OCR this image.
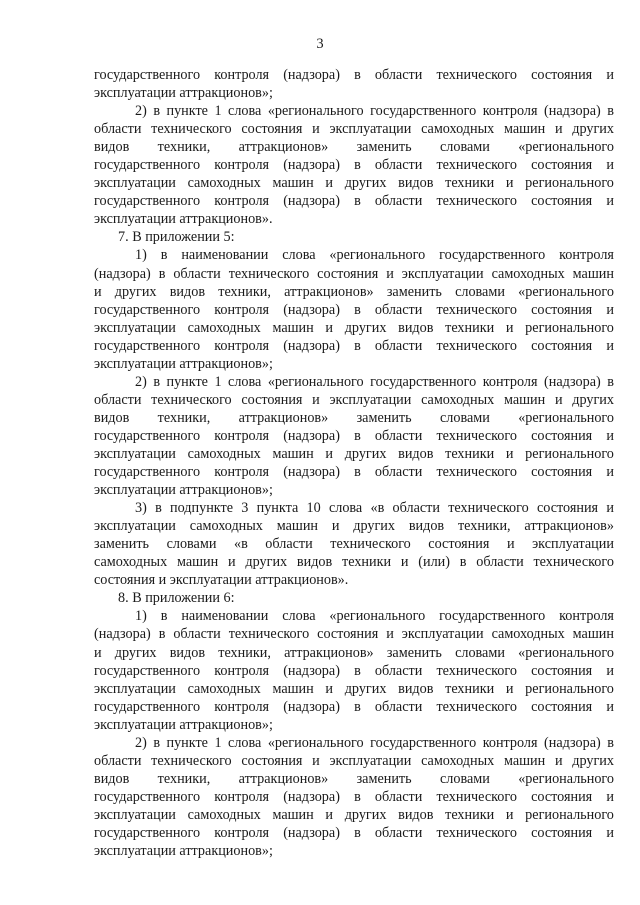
3
государственного контроля (надзора) в области технического состояния и
эксплуатации аттракционов»;
2) в пункте 1 слова «регионального государственного контроля (надзора) в
области технического состояния и эксплуатации самоходных машин и других
видов техники, аттракционов» заменить словами «регионального
государственного контроля (надзора) в области технического состояния и
эксплуатации самоходных машин и других видов техники и регионального
государственного контроля (надзора) в области технического состояния и
эксплуатации аттракционов».
7. В приложении 5:
1) в наименовании слова «регионального государственного контроля
(надзора) в области технического состояния и эксплуатации самоходных машин
и других видов техники, аттракционов» заменить словами «регионального
государственного контроля (надзора) в области технического состояния и
эксплуатации самоходных машин и других видов техники и регионального
государственного контроля (надзора) в области технического состояния и
эксплуатации аттракционов»;
2) в пункте 1 слова «регионального государственного контроля (надзора) в
области технического состояния и эксплуатации самоходных машин и других
видов техники, аттракционов» заменить словами «регионального
государственного контроля (надзора) в области технического состояния и
эксплуатации самоходных машин и других видов техники и регионального
государственного контроля (надзора) в области технического состояния и
эксплуатации аттракционов»;
3) в подпункте 3 пункта 10 слова «в области технического состояния и
эксплуатации самоходных машин и других видов техники, аттракционов»
заменить словами «в области технического состояния и эксплуатации
самоходных машин и других видов техники и (или) в области технического
состояния и эксплуатации аттракционов».
8. В приложении 6:
1) в наименовании слова «регионального государственного контроля
(надзора) в области технического состояния и эксплуатации самоходных машин
и других видов техники, аттракционов» заменить словами «регионального
государственного контроля (надзора) в области технического состояния и
эксплуатации самоходных машин и других видов техники и регионального
государственного контроля (надзора) в области технического состояния и
эксплуатации аттракционов»;
2) в пункте 1 слова «регионального государственного контроля (надзора) в
области технического состояния и эксплуатации самоходных машин и других
видов техники, аттракционов» заменить словами «регионального
государственного контроля (надзора) в области технического состояния и
эксплуатации самоходных машин и других видов техники и регионального
государственного контроля (надзора) в области технического состояния и
эксплуатации аттракционов»;
